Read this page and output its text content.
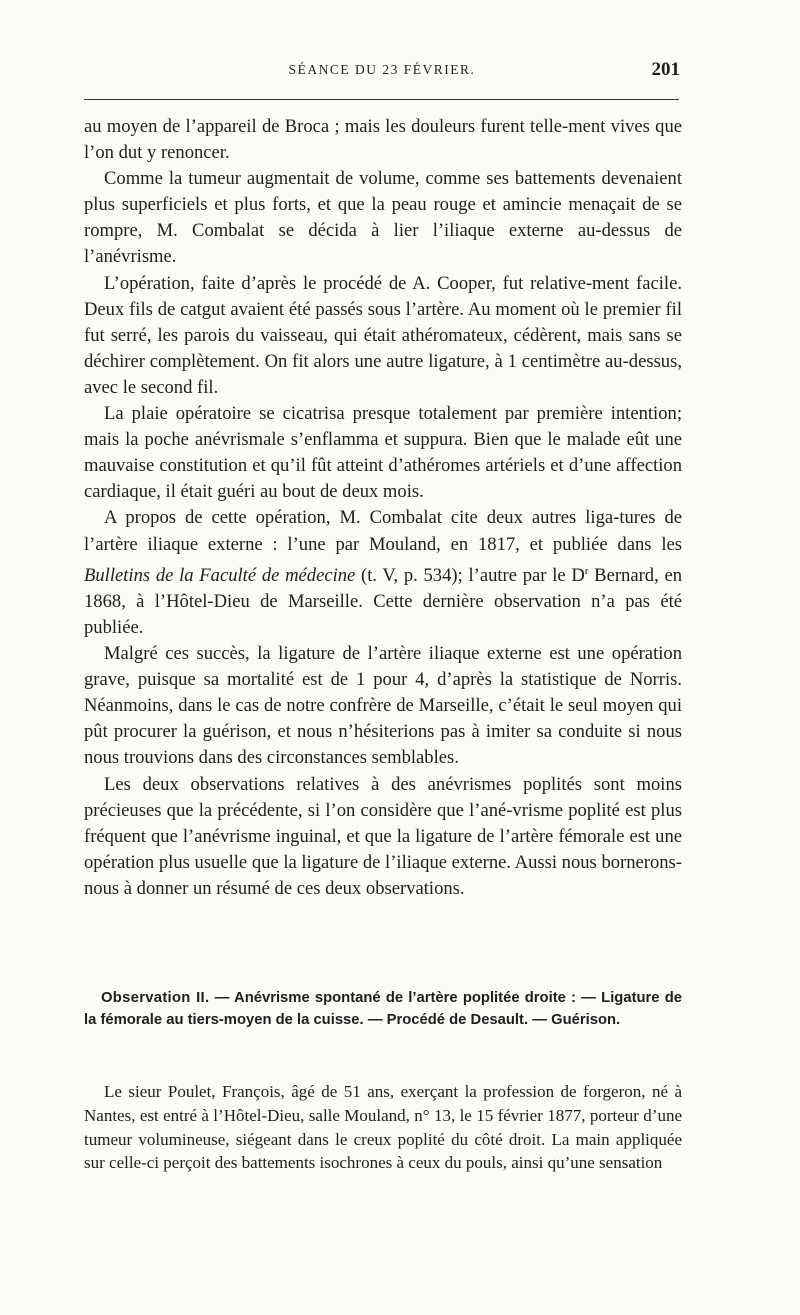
SÉANCE DU 23 FÉVRIER.	201

au moyen de l’appareil de Broca ; mais les douleurs furent telle-ment vives que l’on dut y renoncer.

Comme la tumeur augmentait de volume, comme ses battements devenaient plus superficiels et plus forts, et que la peau rouge et amincie menaçait de se rompre, M. Combalat se décida à lier l’iliaque externe au-dessus de l’anévrisme.

L’opération, faite d’après le procédé de A. Cooper, fut relative-ment facile. Deux fils de catgut avaient été passés sous l’artère. Au moment où le premier fil fut serré, les parois du vaisseau, qui était athéromateux, cédèrent, mais sans se déchirer complètement. On fit alors une autre ligature, à 1 centimètre au-dessus, avec le second fil.

La plaie opératoire se cicatrisa presque totalement par première intention; mais la poche anévrismale s’enflamma et suppura. Bien que le malade eût une mauvaise constitution et qu’il fût atteint d’athéromes artériels et d’une affection cardiaque, il était guéri au bout de deux mois.

A propos de cette opération, M. Combalat cite deux autres liga-tures de l’artère iliaque externe : l’une par Mouland, en 1817, et publiée dans les Bulletins de la Faculté de médecine (t. V, p. 534); l’autre par le $D^r$ Bernard, en 1868, à l’Hôtel-Dieu de Marseille. Cette dernière observation n’a pas été publiée.

Malgré ces succès, la ligature de l’artère iliaque externe est une opération grave, puisque sa mortalité est de 1 pour 4, d’après la statistique de Norris. Néanmoins, dans le cas de notre confrère de Marseille, c’était le seul moyen qui pût procurer la guérison, et nous n’hésiterions pas à imiter sa conduite si nous nous trouvions dans des circonstances semblables.

Les deux observations relatives à des anévrismes poplités sont moins précieuses que la précédente, si l’on considère que l’ané-vrisme poplité est plus fréquent que l’anévrisme inguinal, et que la ligature de l’artère fémorale est une opération plus usuelle que la ligature de l’iliaque externe. Aussi nous bornerons-nous à donner un résumé de ces deux observations.

Observation II. — Anévrisme spontané de l’artère poplitée droite : — Ligature de la fémorale au tiers-moyen de la cuisse. — Procédé de Desault. — Guérison.

Le sieur Poulet, François, âgé de 51 ans, exerçant la profession de forgeron, né à Nantes, est entré à l’Hôtel-Dieu, salle Mouland, n° 13, le 15 février 1877, porteur d’une tumeur volumineuse, siégeant dans le creux poplité du côté droit. La main appliquée sur celle-ci perçoit des battements isochrones à ceux du pouls, ainsi qu’une sensation
